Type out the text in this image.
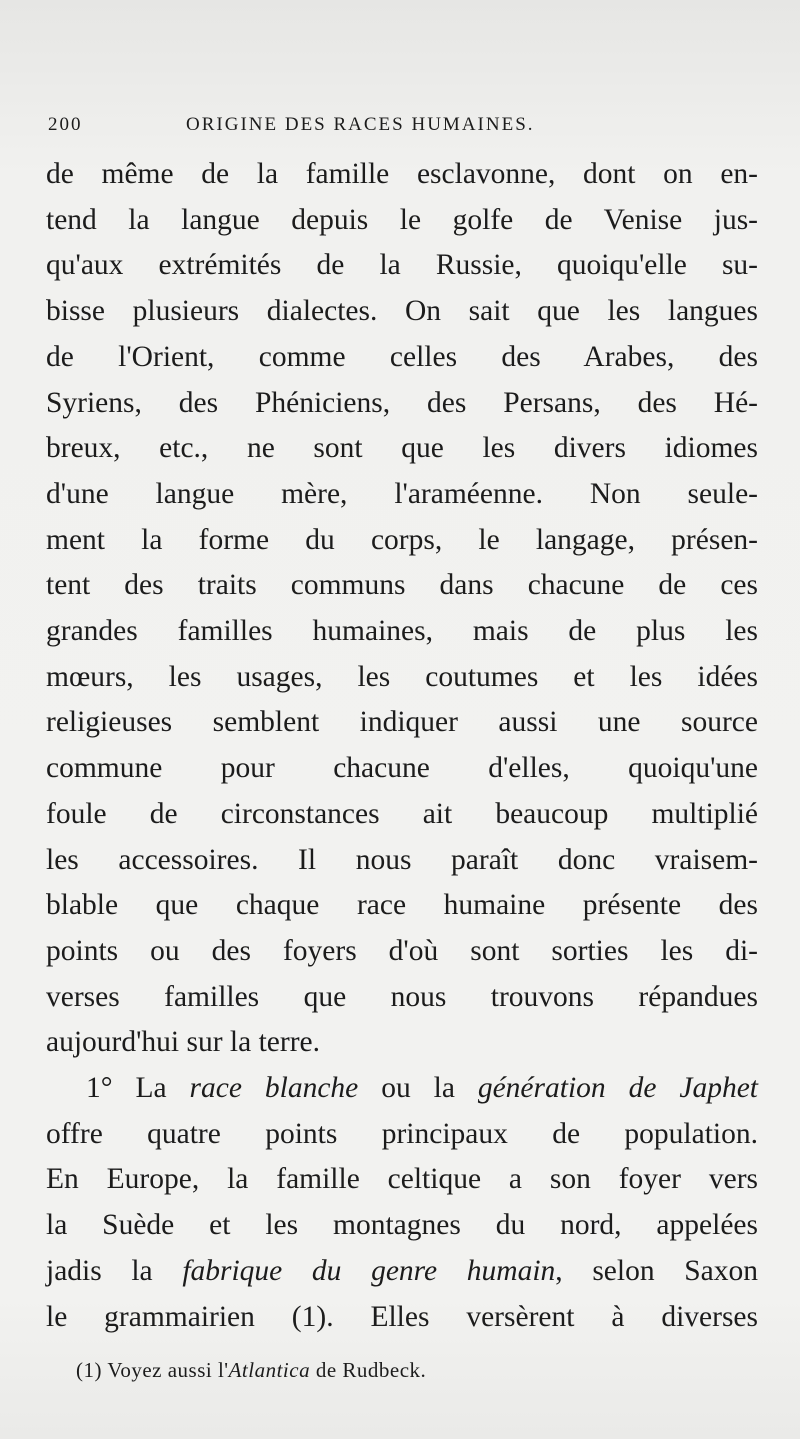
200	ORIGINE DES RACES HUMAINES.

de même de la famille esclavonne, dont on en-

tend la langue depuis le golfe de Venise jus-

qu'aux extrémités de la Russie, quoiqu'elle su-

bisse plusieurs dialectes. On sait que les langues

de l'Orient, comme celles des Arabes, des

Syriens, des Phéniciens, des Persans, des Hé-

breux, etc., ne sont que les divers idiomes

d'une langue mère, l'araméenne. Non seule-

ment la forme du corps, le langage, présen-

tent des traits communs dans chacune de ces

grandes familles humaines, mais de plus les

mœurs, les usages, les coutumes et les idées

religieuses semblent indiquer aussi une source

commune pour chacune d'elles, quoiqu'une

foule de circonstances ait beaucoup multiplié

les accessoires. Il nous paraît donc vraisem-

blable que chaque race humaine présente des

points ou des foyers d'où sont sorties les di-

verses familles que nous trouvons répandues

aujourd'hui sur la terre.

1° La race blanche ou la génération de Japhet

offre quatre points principaux de population.

En Europe, la famille celtique a son foyer vers

la Suède et les montagnes du nord, appelées

jadis la fabrique du genre humain, selon Saxon

le grammairien (1). Elles versèrent à diverses

(1) Voyez aussi l'Atlantica de Rudbeck.
